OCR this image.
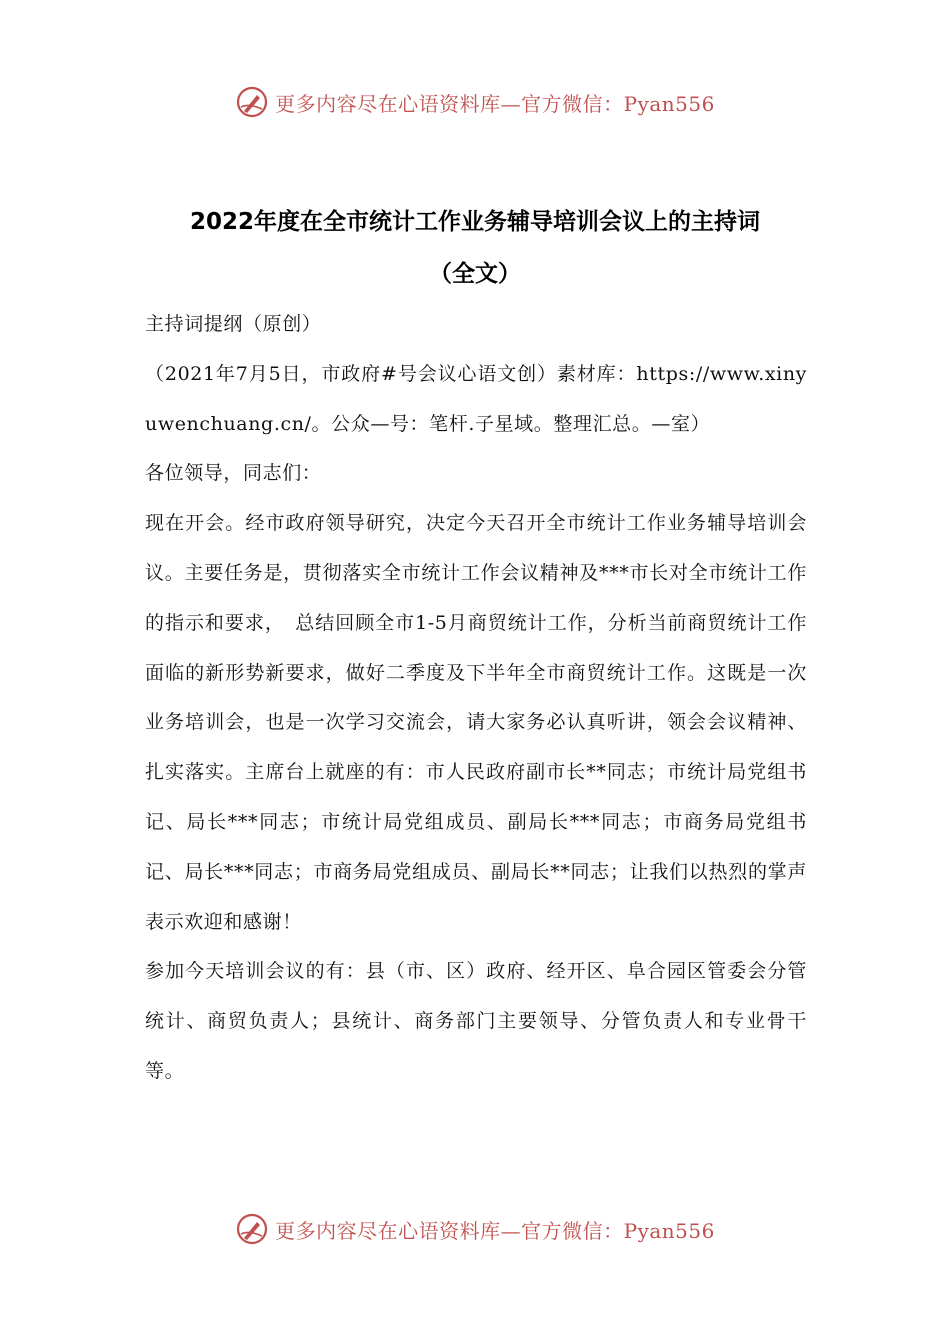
更多内容尽在心语资料库—官方微信：Pyan556
2022年度在全市统计工作业务辅导培训会议上的主持词
（全文）

主持词提纲（原创）

（2021年7月5日，市政府#号会议心语文创）素材库：https://www.xinyuwenchuang.cn/。公众—号：笔杆.子星域。整理汇总。—室）

各位领导，同志们：

现在开会。经市政府领导研究，决定今天召开全市统计工作业务辅导培训会议。主要任务是，贯彻落实全市统计工作会议精神及***市长对全市统计工作的指示和要求，　总结回顾全市1-5月商贸统计工作，分析当前商贸统计工作面临的新形势新要求，做好二季度及下半年全市商贸统计工作。这既是一次业务培训会，也是一次学习交流会，请大家务必认真听讲，领会会议精神、扎实落实。主席台上就座的有：市人民政府副市长**同志；市统计局党组书记、局长***同志；市统计局党组成员、副局长***同志；市商务局党组书记、局长***同志；市商务局党组成员、副局长**同志；让我们以热烈的掌声表示欢迎和感谢！

参加今天培训会议的有：县（市、区）政府、经开区、阜合园区管委会分管统计、商贸负责人；县统计、商务部门主要领导、分管负责人和专业骨干等。

更多内容尽在心语资料库—官方微信：Pyan556
